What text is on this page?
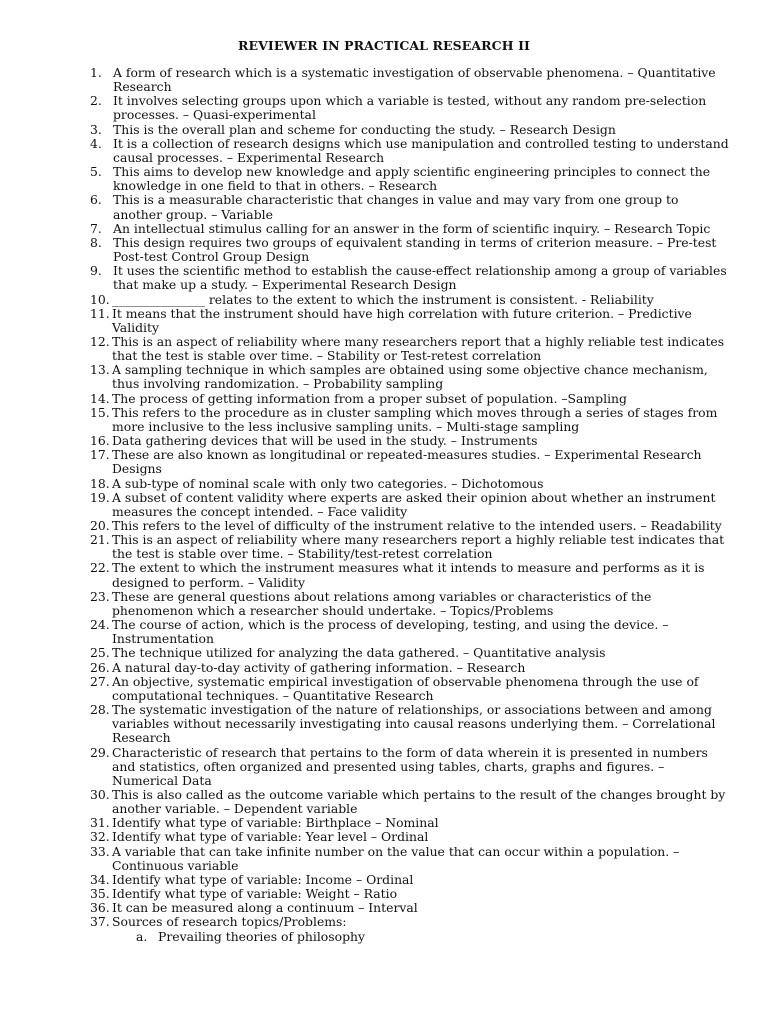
REVIEWER IN PRACTICAL RESEARCH II
1. A form of research which is a systematic investigation of observable phenomena. – Quantitative Research
2. It involves selecting groups upon which a variable is tested, without any random pre-selection processes. – Quasi-experimental
3. This is the overall plan and scheme for conducting the study. – Research Design
4. It is a collection of research designs which use manipulation and controlled testing to understand causal processes. – Experimental Research
5. This aims to develop new knowledge and apply scientific engineering principles to connect the knowledge in one field to that in others. – Research
6. This is a measurable characteristic that changes in value and may vary from one group to another group. – Variable
7. An intellectual stimulus calling for an answer in the form of scientific inquiry. – Research Topic
8. This design requires two groups of equivalent standing in terms of criterion measure. – Pre-test Post-test Control Group Design
9. It uses the scientific method to establish the cause-effect relationship among a group of variables that make up a study. – Experimental Research Design
10. _______________ relates to the extent to which the instrument is consistent. - Reliability
11. It means that the instrument should have high correlation with future criterion. – Predictive Validity
12. This is an aspect of reliability where many researchers report that a highly reliable test indicates that the test is stable over time. – Stability or Test-retest correlation
13. A sampling technique in which samples are obtained using some objective chance mechanism, thus involving randomization. – Probability sampling
14. The process of getting information from a proper subset of population. –Sampling
15. This refers to the procedure as in cluster sampling which moves through a series of stages from more inclusive to the less inclusive sampling units. – Multi-stage sampling
16. Data gathering devices that will be used in the study. – Instruments
17. These are also known as longitudinal or repeated-measures studies. – Experimental Research Designs
18. A sub-type of nominal scale with only two categories. – Dichotomous
19. A subset of content validity where experts are asked their opinion about whether an instrument measures the concept intended. – Face validity
20. This refers to the level of difficulty of the instrument relative to the intended users. – Readability
21. This is an aspect of reliability where many researchers report a highly reliable test indicates that the test is stable over time. – Stability/test-retest correlation
22. The extent to which the instrument measures what it intends to measure and performs as it is designed to perform. – Validity
23. These are general questions about relations among variables or characteristics of the phenomenon which a researcher should undertake. – Topics/Problems
24. The course of action, which is the process of developing, testing, and using the device. – Instrumentation
25. The technique utilized for analyzing the data gathered. – Quantitative analysis
26. A natural day-to-day activity of gathering information. – Research
27. An objective, systematic empirical investigation of observable phenomena through the use of computational techniques. – Quantitative Research
28. The systematic investigation of the nature of relationships, or associations between and among variables without necessarily investigating into causal reasons underlying them. – Correlational Research
29. Characteristic of research that pertains to the form of data wherein it is presented in numbers and statistics, often organized and presented using tables, charts, graphs and figures. – Numerical Data
30. This is also called as the outcome variable which pertains to the result of the changes brought by another variable. – Dependent variable
31. Identify what type of variable: Birthplace – Nominal
32. Identify what type of variable: Year level – Ordinal
33. A variable that can take infinite number on the value that can occur within a population. – Continuous variable
34. Identify what type of variable: Income – Ordinal
35. Identify what type of variable: Weight – Ratio
36. It can be measured along a continuum – Interval
37. Sources of research topics/Problems:
a. Prevailing theories of philosophy
